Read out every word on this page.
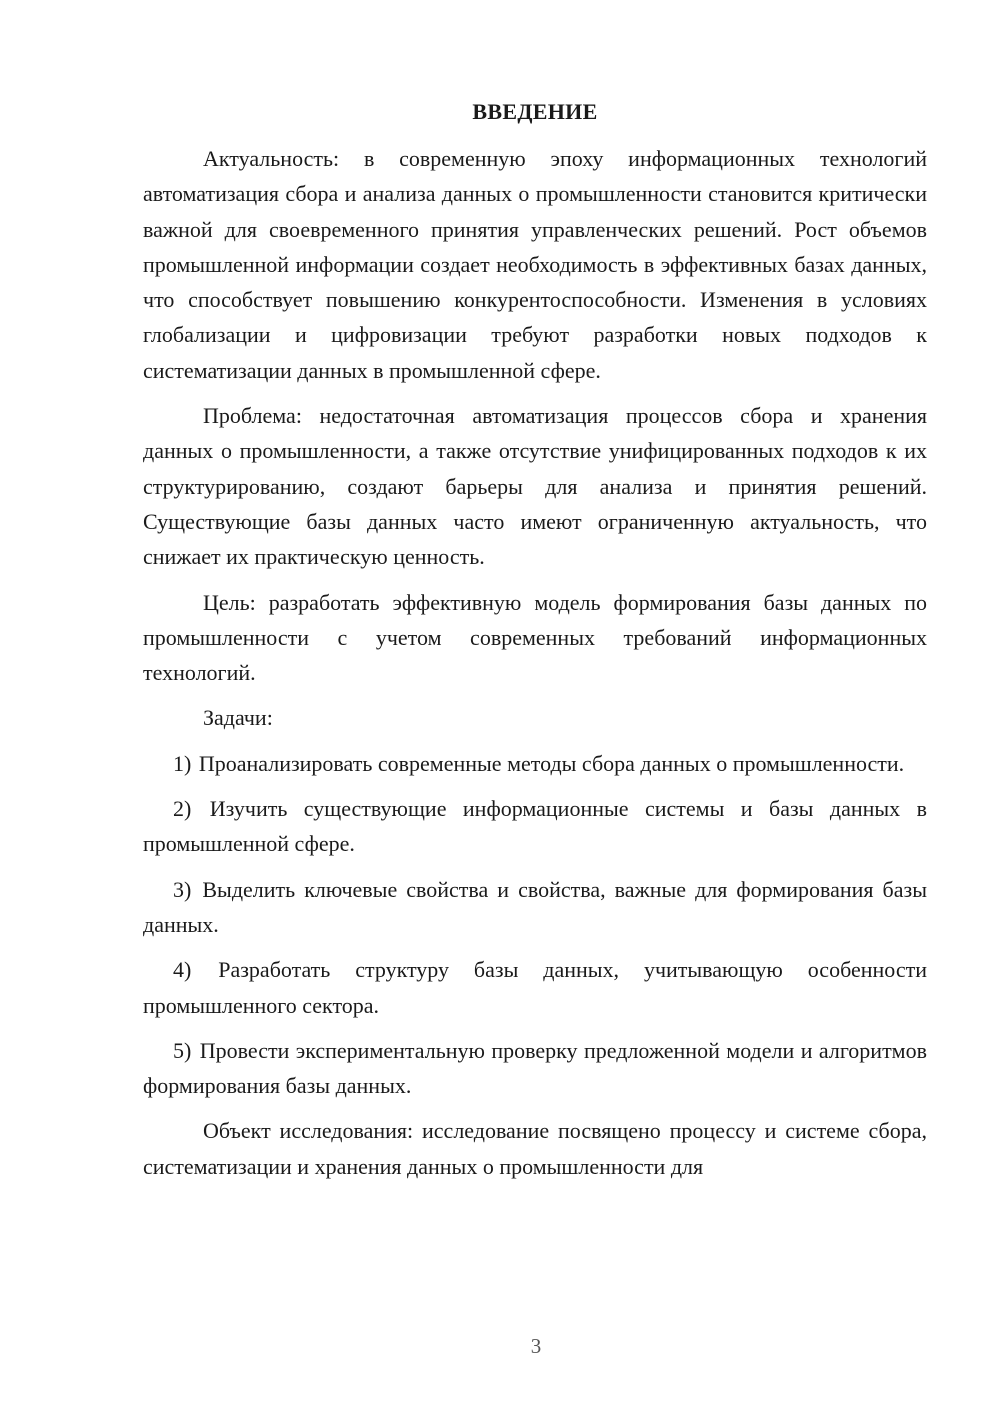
ВВЕДЕНИЕ

Актуальность: в современную эпоху информационных технологий автоматизация сбора и анализа данных о промышленности становится критически важной для своевременного принятия управленческих решений. Рост объемов промышленной информации создает необходимость в эффективных базах данных, что способствует повышению конкурентоспособности. Изменения в условиях глобализации и цифровизации требуют разработки новых подходов к систематизации данных в промышленной сфере.

Проблема: недостаточная автоматизация процессов сбора и хранения данных о промышленности, а также отсутствие унифицированных подходов к их структурированию, создают барьеры для анализа и принятия решений. Существующие базы данных часто имеют ограниченную актуальность, что снижает их практическую ценность.

Цель: разработать эффективную модель формирования базы данных по промышленности с учетом современных требований информационных технологий.

Задачи:

1) Проанализировать современные методы сбора данных о промышленности.

2) Изучить существующие информационные системы и базы данных в промышленной сфере.

3) Выделить ключевые свойства и свойства, важные для формирования базы данных.

4) Разработать структуру базы данных, учитывающую особенности промышленного сектора.

5) Провести экспериментальную проверку предложенной модели и алгоритмов формирования базы данных.

Объект исследования: исследование посвящено процессу и системе сбора, систематизации и хранения данных о промышленности для

3
